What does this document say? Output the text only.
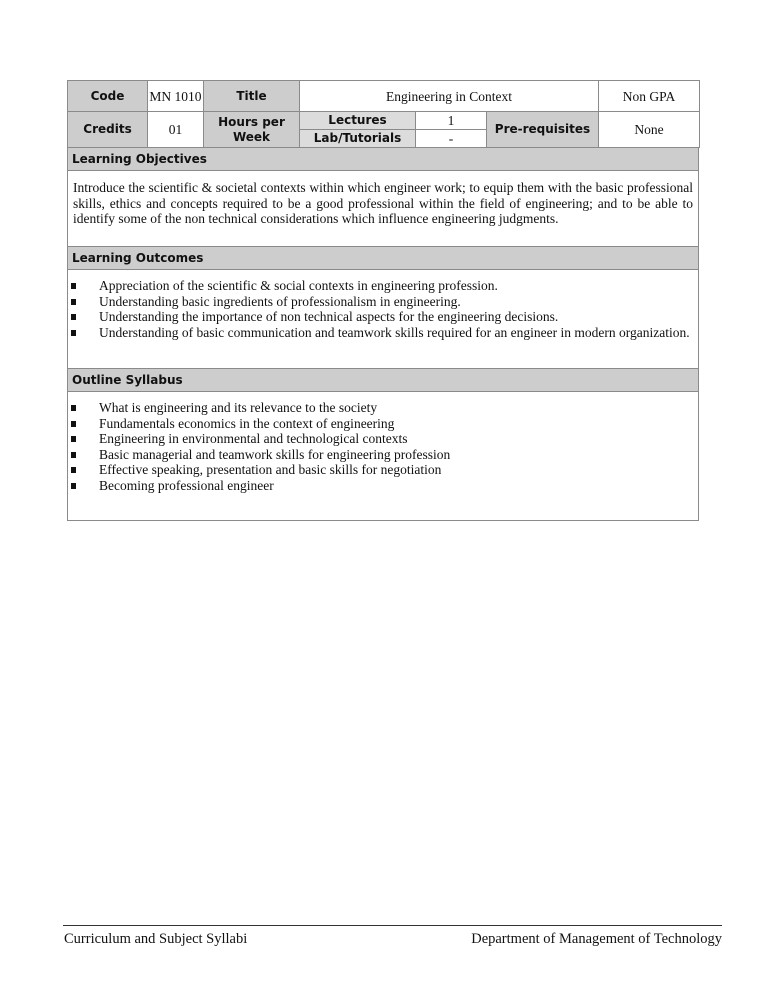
Code	MN 1010	Title	Engineering in Context			Non GPA
Credits	01	Hours per Week	Lectures	1	Pre-requisites	None
			Lab/Tutorials	-		
Learning Objectives
Introduce the scientific & societal contexts within which engineer work; to equip them with the basic professional skills, ethics and concepts required to be a good professional within the field of engineering; and to be able to identify some of the non technical considerations which influence engineering judgments.
Learning Outcomes
Appreciation of the scientific & social contexts in engineering profession.
Understanding basic ingredients of professionalism in engineering.
Understanding the importance of non technical aspects for the engineering decisions.
Understanding of basic communication and teamwork skills required for an engineer in modern organization.
Outline Syllabus
What is engineering and its relevance to the society
Fundamentals economics in the context of engineering
Engineering in environmental and technological contexts
Basic managerial and teamwork skills for engineering profession
Effective speaking, presentation and basic skills for negotiation
Becoming professional engineer
Curriculum and Subject Syllabi	Department of Management of Technology
